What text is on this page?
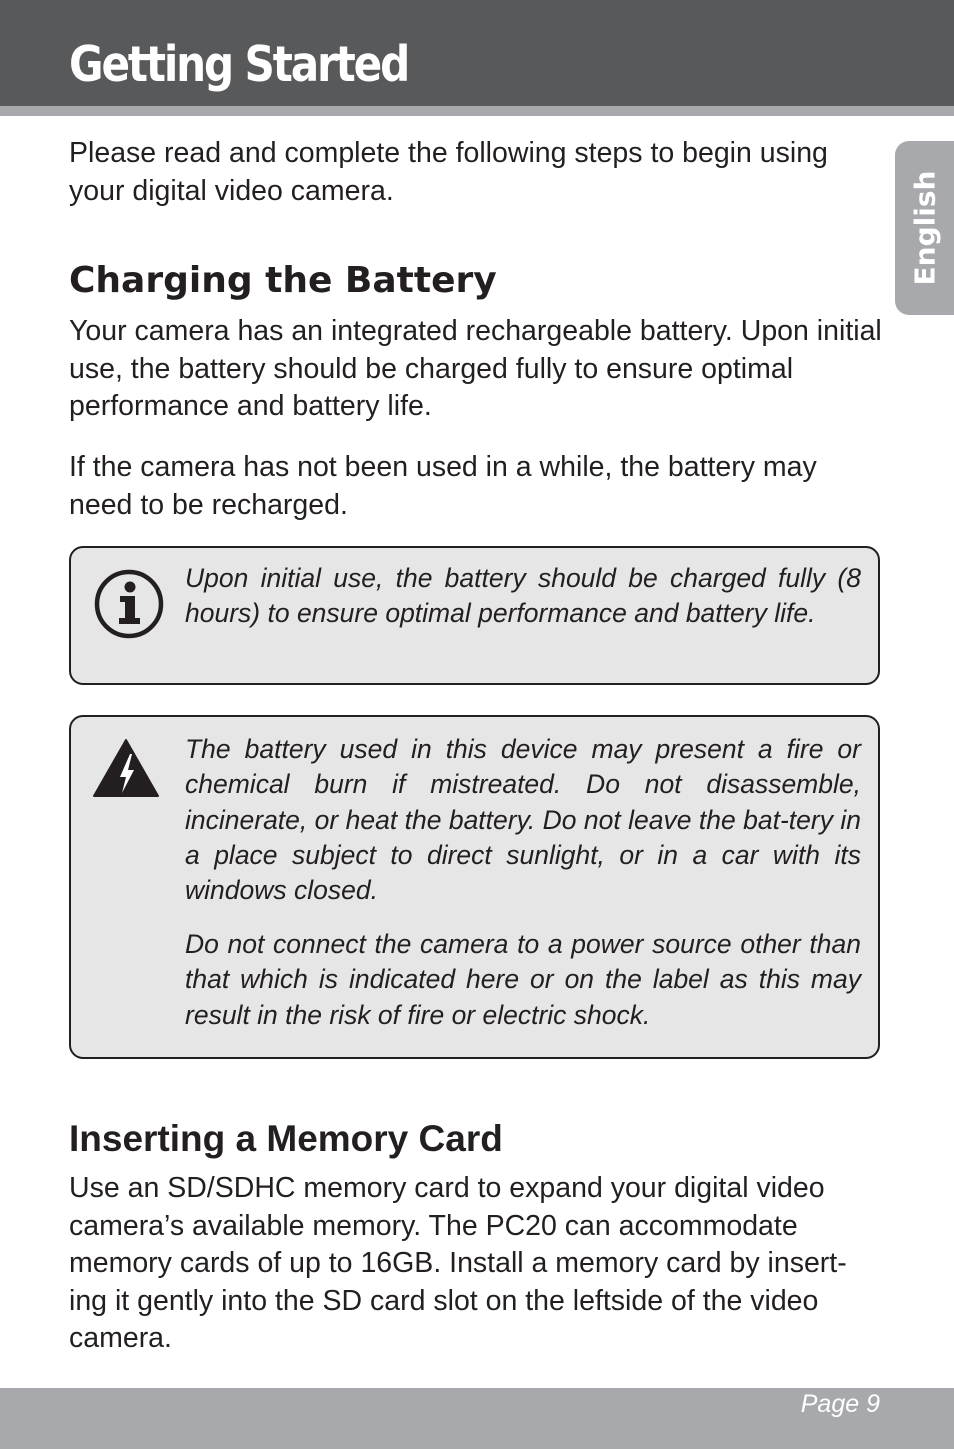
Getting Started
English

Please read and complete the following steps to begin using your digital video camera.

Charging the Battery

Your camera has an integrated rechargeable battery. Upon initial use, the battery should be charged fully to ensure optimal performance and battery life.

If the camera has not been used in a while, the battery may need to be recharged.

Upon initial use, the battery should be charged fully (8 hours) to ensure optimal performance and battery life.

The battery used in this device may present a fire or chemical burn if mistreated. Do not disassemble, incinerate, or heat the battery. Do not leave the bat-tery in a place subject to direct sunlight, or in a car with its windows closed.

Do not connect the camera to a power source other than that which is indicated here or on the label as this may result in the risk of fire or electric shock.

Inserting a Memory Card

Use an SD/SDHC memory card to expand your digital video camera’s available memory. The PC20 can accommodate memory cards of up to 16GB. Install a memory card by insert-ing it gently into the SD card slot on the leftside of the video camera.

Page 9
